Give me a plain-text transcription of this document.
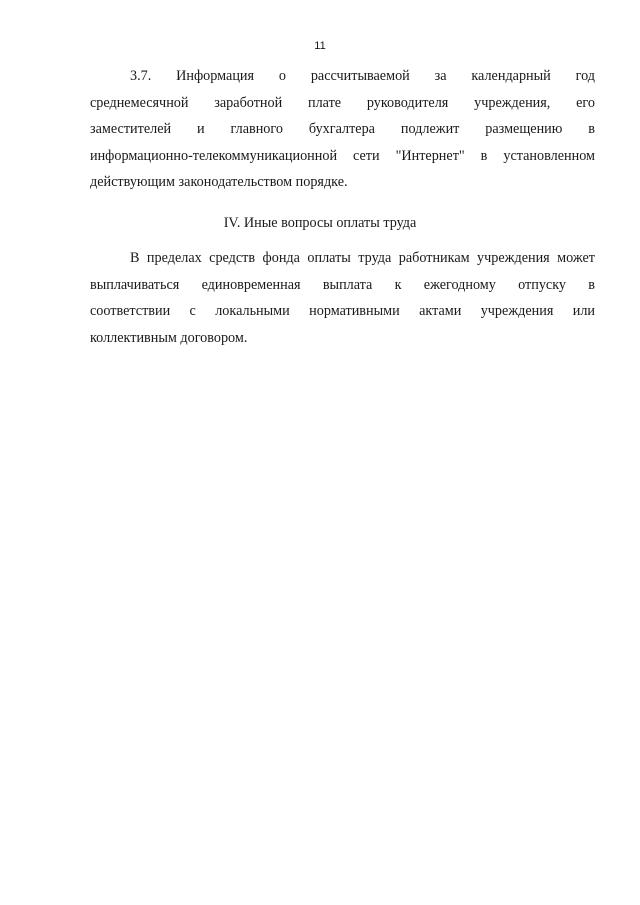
11

3.7. Информация о рассчитываемой за календарный год

среднемесячной заработной плате руководителя учреждения, его

заместителей и главного бухгалтера подлежит размещению в

информационно-телекоммуникационной сети "Интернет" в установленном

действующим законодательством порядке.

IV. Иные вопросы оплаты труда

В пределах средств фонда оплаты труда работникам учреждения может

выплачиваться единовременная выплата к ежегодному отпуску в

соответствии с локальными нормативными актами учреждения или

коллективным договором.
